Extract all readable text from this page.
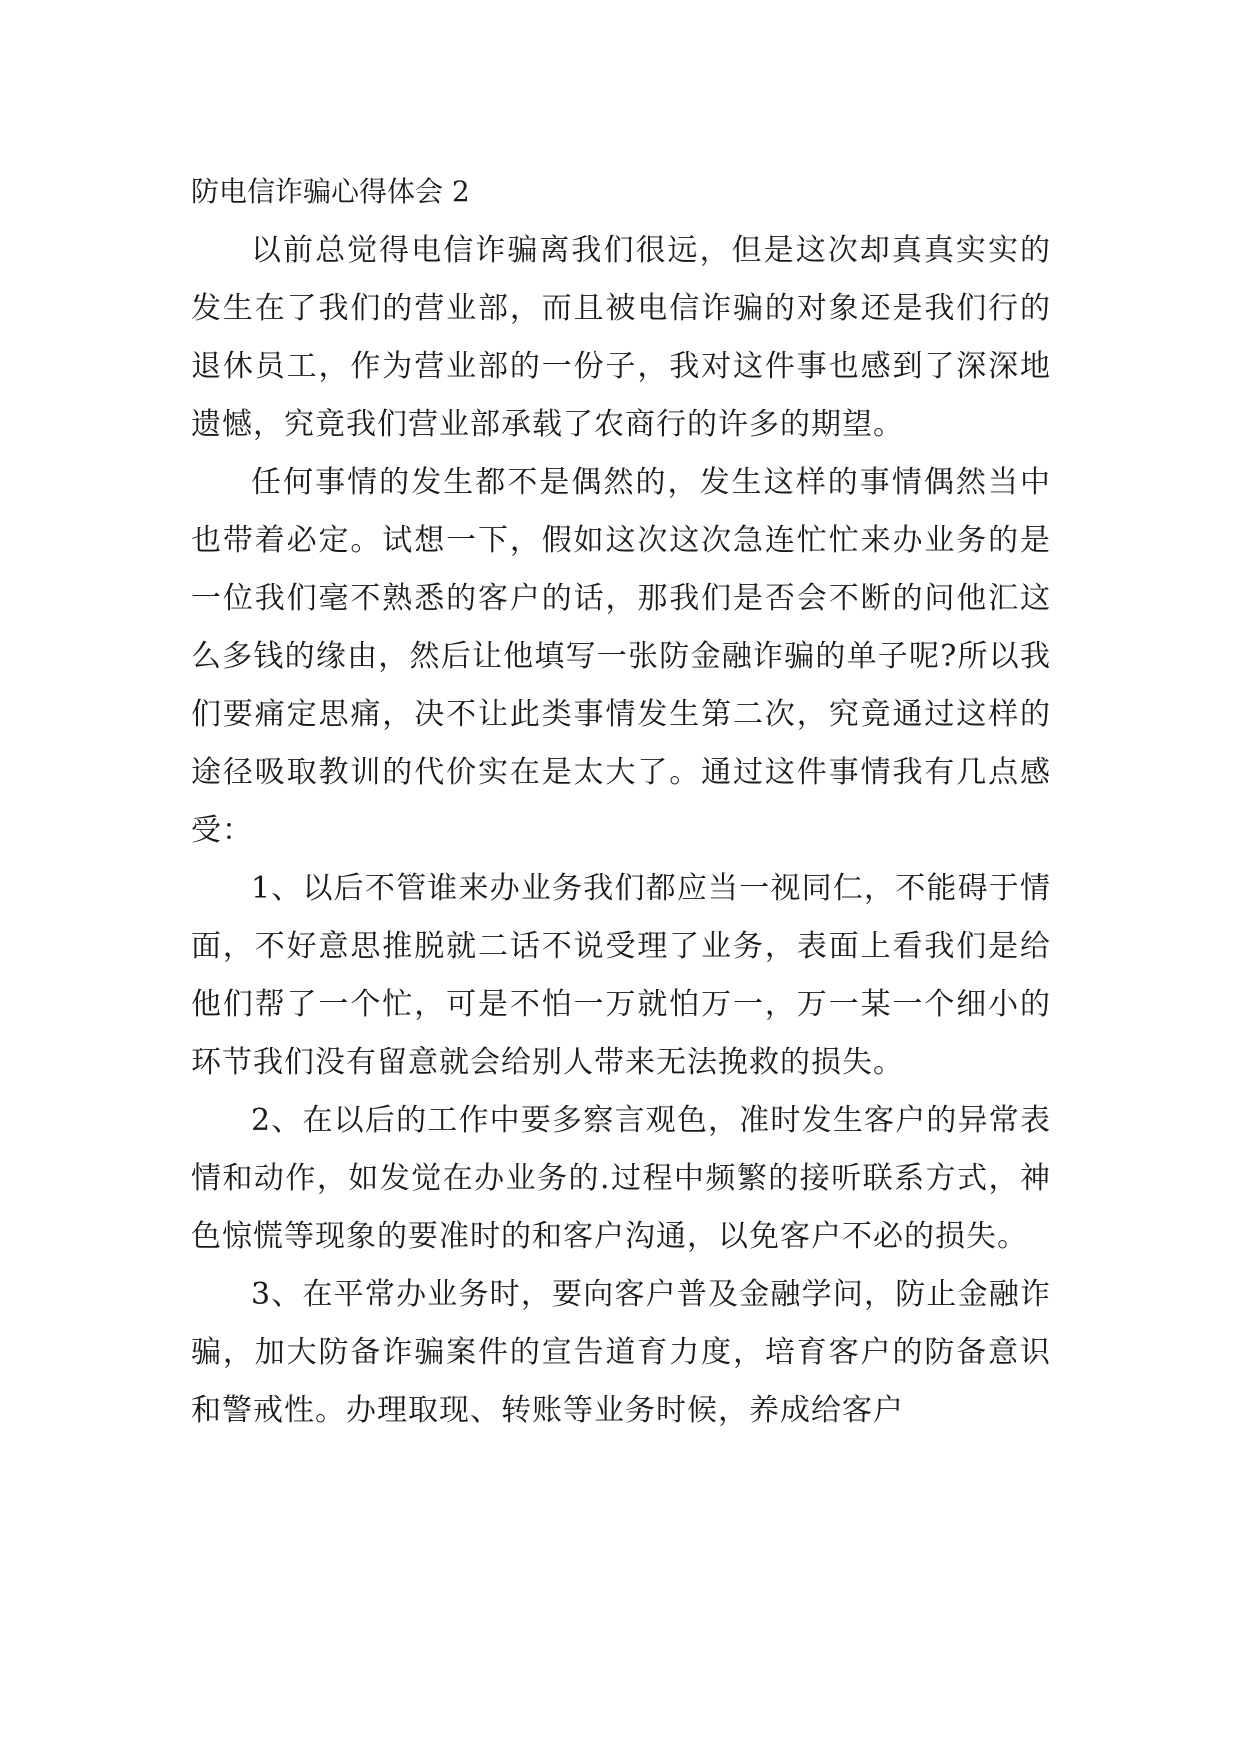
防电信诈骗心得体会 2

以前总觉得电信诈骗离我们很远，但是这次却真真实实的发生在了我们的营业部，而且被电信诈骗的对象还是我们行的退休员工，作为营业部的一份子，我对这件事也感到了深深地遗憾，究竟我们营业部承载了农商行的许多的期望。

任何事情的发生都不是偶然的，发生这样的事情偶然当中也带着必定。试想一下，假如这次这次急连忙忙来办业务的是一位我们毫不熟悉的客户的话，那我们是否会不断的问他汇这么多钱的缘由，然后让他填写一张防金融诈骗的单子呢?所以我们要痛定思痛，决不让此类事情发生第二次，究竟通过这样的途径吸取教训的代价实在是太大了。通过这件事情我有几点感受：

1、以后不管谁来办业务我们都应当一视同仁，不能碍于情面，不好意思推脱就二话不说受理了业务，表面上看我们是给他们帮了一个忙，可是不怕一万就怕万一，万一某一个细小的环节我们没有留意就会给别人带来无法挽救的损失。

2、在以后的工作中要多察言观色，准时发生客户的异常表情和动作，如发觉在办业务的.过程中频繁的接听联系方式，神色惊慌等现象的要准时的和客户沟通，以免客户不必的损失。

3、在平常办业务时，要向客户普及金融学问，防止金融诈骗，加大防备诈骗案件的宣告道育力度，培育客户的防备意识和警戒性。办理取现、转账等业务时候，养成给客户
